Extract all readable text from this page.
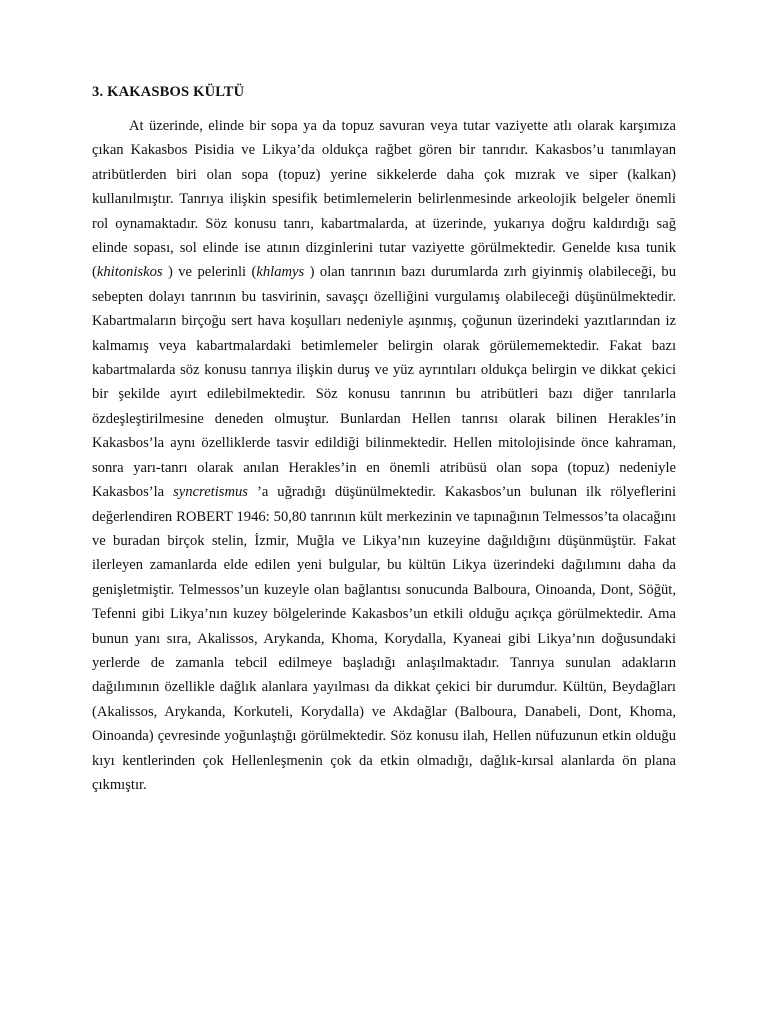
3. KAKASBOS KÜLTÜ

At üzerinde, elinde bir sopa ya da topuz savuran veya tutar vaziyette atlı olarak karşımıza çıkan Kakasbos Pisidia ve Likya’da oldukça rağbet gören bir tanrıdır. Kakasbos’u tanımlayan atribütlerden biri olan sopa (topuz) yerine sikkelerde daha çok mızrak ve siper (kalkan) kullanılmıştır. Tanrıya ilişkin spesifik betimlemelerin belirlenmesinde arkeolojik belgeler önemli rol oynamaktadır. Söz konusu tanrı, kabartmalarda, at üzerinde, yukarıya doğru kaldırdığı sağ elinde sopası, sol elinde ise atının dizginlerini tutar vaziyette görülmektedir. Genelde kısa tunik (khitoniskos ) ve pelerinli (khlamys ) olan tanrının bazı durumlarda zırh giyinmiş olabileceği, bu sebepten dolayı tanrının bu tasvirinin, savaşçı özelliğini vurgulamış olabileceği düşünülmektedir. Kabartmaların birçoğu sert hava koşulları nedeniyle aşınmış, çoğunun üzerindeki yazıtlarından iz kalmamış veya kabartmalardaki betimlemeler belirgin olarak görülememektedir. Fakat bazı kabartmalarda söz konusu tanrıya ilişkin duruş ve yüz ayrıntıları oldukça belirgin ve dikkat çekici bir şekilde ayırt edilebilmektedir. Söz konusu tanrının bu atribütleri bazı diğer tanrılarla özdeşleştirilmesine deneden olmuştur. Bunlardan Hellen tanrısı olarak bilinen Herakles’in Kakasbos’la aynı özelliklerde tasvir edildiği bilinmektedir. Hellen mitolojisinde önce kahraman, sonra yarı-tanrı olarak anılan Herakles’in en önemli atribüsü olan sopa (topuz) nedeniyle Kakasbos’la syncretismus ’a uğradığı düşünülmektedir. Kakasbos’un bulunan ilk rölyeflerini değerlendiren ROBERT 1946: 50,80 tanrının kült merkezinin ve tapınağının Telmessos’ta olacağını ve buradan birçok stelin, İzmir, Muğla ve Likya’nın kuzeyine dağıldığını düşünmüştür. Fakat ilerleyen zamanlarda elde edilen yeni bulgular, bu kültün Likya üzerindeki dağılımını daha da genişletmiştir. Telmessos’un kuzeyle olan bağlantısı sonucunda Balboura, Oinoanda, Dont, Söğüt, Tefenni gibi Likya’nın kuzey bölgelerinde Kakasbos’un etkili olduğu açıkça görülmektedir. Ama bunun yanı sıra, Akalissos, Arykanda, Khoma, Korydalla, Kyaneai gibi Likya’nın doğusundaki yerlerde de zamanla tebcil edilmeye başladığı anlaşılmaktadır. Tanrıya sunulan adakların dağılımının özellikle dağlık alanlara yayılması da dikkat çekici bir durumdur. Kültün, Beydağları (Akalissos, Arykanda, Korkuteli, Korydalla) ve Akdağlar (Balboura, Danabeli, Dont, Khoma, Oinoanda) çevresinde yoğunlaştığı görülmektedir. Söz konusu ilah, Hellen nüfuzunun etkin olduğu kıyı kentlerinden çok Hellenleşmenin çok da etkin olmadığı, dağlık-kırsal alanlarda ön plana çıkmıştır.
